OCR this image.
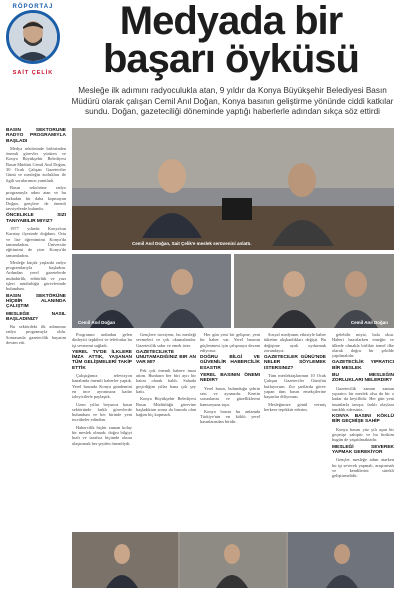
RÖPORTAJ
SAİT ÇELİK
Medyada bir
başarı öyküsü
Mesleğe ilk adımını radyoculukla atan, 9 yıldır da Konya Büyükşehir Belediyesi Basın Müdürü olarak çalışan Cemil Anıl Doğan, Konya basının geliştirme yönünde ciddi katkılar sundu. Doğan, gazeteciliği döneminde yaptığı haberlerle adından sıkça söz ettirdi

BASIN SEKTÖRÜNE RADYO PROGRAMIYLA BAŞLADI

Medya sektöründe birbirinden önemli görevler yürüten ve Konya Büyükşehir Belediyesi Basın Müdürü Cemil Anıl Doğan, 30 Ocak Çalışan Gazeteciler Günü ve mesleğin zorlukları ile ilgili sorularımızı yanıtladı.

Basın sektörüne radyo programıyla adım atan ve bu tutkudan bir daha kopmayan Doğan, gençlere de önemli tavsiyelerde bulundu.

ÖNCELIKLE SIZI TANIYABILIR MIYIZ?

1977 yılında Konya'nın Karatay ilçesinde doğdum. Orta ve lise öğrenimimi Konya'da tamamladım. Üniversite eğitimimi de yine Konya'da tamamladım.

Mesleğe küçük yaşlarda radyo programlarıyla başladım. Ardından yerel gazetelerde muhabirlik, editörlük ve yazı işleri müdürlüğü görevlerinde bulundum.

BASIN SEKTÖRÜNE HİÇBİR ALANINDA ÇALIŞTIM

MESLEĞE NASIL BAŞLADINIZ?

Bu sektördeki ilk adımımız radyo programıyla oldu. Sonrasında gazetecilik hayatım devam etti.

Cemil Anıl Doğan, Sait Çelik'e meslek serüvenini anlattı.
Cemil Anıl Doğan	Cemil Anıl Doğan

Programın ardından gelen dinleyici tepkileri ve telefonlar bu işi sevmemi sağladı.

YEREL TV'DE İLKLERE İMZA ATTIK, YAŞANAN TÜM GELİŞMELERİ TAKİP ETTİK

Çalıştığımız televizyon kanalında önemli haberler yaptık. Yerel basında Konya gündemini en ince ayrıntısına kadar izleyicilerle paylaştık.

Uzun yıllar boyunca basın sektöründe farklı görevlerde bulundum ve her birinde yeni tecrübeler edindim.

Habercilik hiçbir zaman kolay bir meslek olmadı; doğru bilgiyi hızlı ve tarafsız biçimde okura ulaştırmak her şeyden önemliydi.

Gençlere tavsiyem, bu mesleği sevmeleri ve çok okumalarıdır. Gazetecilik sabır ve emek ister.

GAZETECILIKTE UNUTAMADIĞINIZ BIR AN VAR MI?

Pek çok önemli habere imza attım. Bunların her biri ayrı bir hatıra olarak kaldı. Sahada geçirdiğim yıllar bana çok şey kattı.

Konya Büyükşehir Belediyesi Basın Müdürlüğü görevine başladıktan sonra da basınla olan bağım hiç kopmadı.

Her gün yeni bir gelişme, yeni bir haber var. Yerel basının güçlenmesi için çalışmaya devam ediyoruz.

DOĞRU BİLGİ VE GÜVENİLİR HABERCİLİK ESASTIR

YEREL BASININ ÖNEMI NEDIR?

Yerel basın, bulunduğu şehrin sesi ve aynasıdır. Kentin sorunlarını ve güzelliklerini kamuoyuna taşır.

Konya basını bu anlamda Türkiye'nin en köklü yerel basınlarından biridir.

Sosyal medyanın etkisiyle haber tüketim alışkanlıkları değişti. Bu değişime ayak uydurmak zorundayız.

GAZETECILER GÜNÜ'NDE NELER SÖYLEMEK ISTERSINIZ?

Tüm meslektaşlarımın 10 Ocak Çalışan Gazeteciler Günü'nü kutluyorum. Zor şartlarda görev yapan tüm basın emekçilerine başarılar diliyorum.

Mesleğimize gönül vermiş herkese teşekkür ederim.

gelebilir miyiz, hala okur. Haberi hazırlarken emeğin ve ülkede olmakla birlikte temel ilke olarak doğru bir şekilde yapılmalıdır.

GAZETECİLİK YIPRATICI BİR MESLEK

BU MESLEĞIN ZORLUKLARI NELERDIR?

Gazetecilik zaman zaman yıpratıcı bir meslek olsa da bir o kadar da keyiflidir. Her gün yeni insanlarla tanışır, farklı olaylara tanıklık edersiniz.

KONYA BASINI KÖKLÜ BİR GEÇMİŞE SAHİP

Konya basını yüz yılı aşan bir geçmişe sahiptir ve bu birikim bugün de yaşatılmaktadır.

MESLEĞİ SEVEREK YAPMAK GEREKİYOR

Gençler mesleğe adım atarken bu işi severek yapmalı, araştırmalı ve kendilerini sürekli geliştirmelidir.
